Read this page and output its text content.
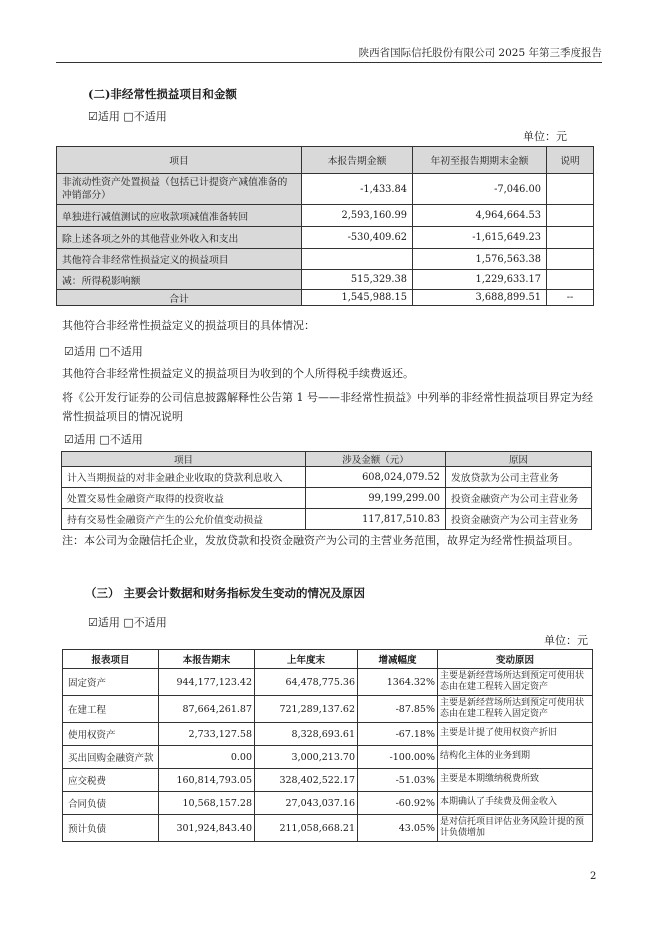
陕西省国际信托股份有限公司 2025 年第三季度报告
(二)非经常性损益项目和金额
☑适用 □不适用
单位：元
项目	本报告期金额	年初至报告期期末金额	说明
非流动性资产处置损益（包括已计提资产减值准备的冲销部分）	-1,433.84	-7,046.00	
单独进行减值测试的应收款项减值准备转回	2,593,160.99	4,964,664.53	
除上述各项之外的其他营业外收入和支出	-530,409.62	-1,615,649.23	
其他符合非经常性损益定义的损益项目		1,576,563.38	
减：所得税影响额	515,329.38	1,229,633.17	
合计	1,545,988.15	3,688,899.51	--
其他符合非经常性损益定义的损益项目的具体情况：
☑适用 □不适用
其他符合非经常性损益定义的损益项目为收到的个人所得税手续费返还。
将《公开发行证券的公司信息披露解释性公告第 1 号——非经常性损益》中列举的非经常性损益项目界定为经常性损益项目的情况说明
☑适用 □不适用
项目	涉及金额（元）	原因
计入当期损益的对非金融企业收取的贷款利息收入	608,024,079.52	发放贷款为公司主营业务
处置交易性金融资产取得的投资收益	99,199,299.00	投资金融资产为公司主营业务
持有交易性金融资产产生的公允价值变动损益	117,817,510.83	投资金融资产为公司主营业务
注：本公司为金融信托企业，发放贷款和投资金融资产为公司的主营业务范围，故界定为经常性损益项目。
（三） 主要会计数据和财务指标发生变动的情况及原因
☑适用 □不适用
单位：元
报表项目	本报告期末	上年度末	增减幅度	变动原因
固定资产	944,177,123.42	64,478,775.36	1364.32%	主要是新经营场所达到预定可使用状态由在建工程转入固定资产
在建工程	87,664,261.87	721,289,137.62	-87.85%	主要是新经营场所达到预定可使用状态由在建工程转入固定资产
使用权资产	2,733,127.58	8,328,693.61	-67.18%	主要是计提了使用权资产折旧
买出回购金融资产款	0.00	3,000,213.70	-100.00%	结构化主体的业务到期
应交税费	160,814,793.05	328,402,522.17	-51.03%	主要是本期缴纳税费所致
合同负债	10,568,157.28	27,043,037.16	-60.92%	本期确认了手续费及佣金收入
预计负债	301,924,843.40	211,058,668.21	43.05%	是对信托项目评估业务风险计提的预计负债增加
2
